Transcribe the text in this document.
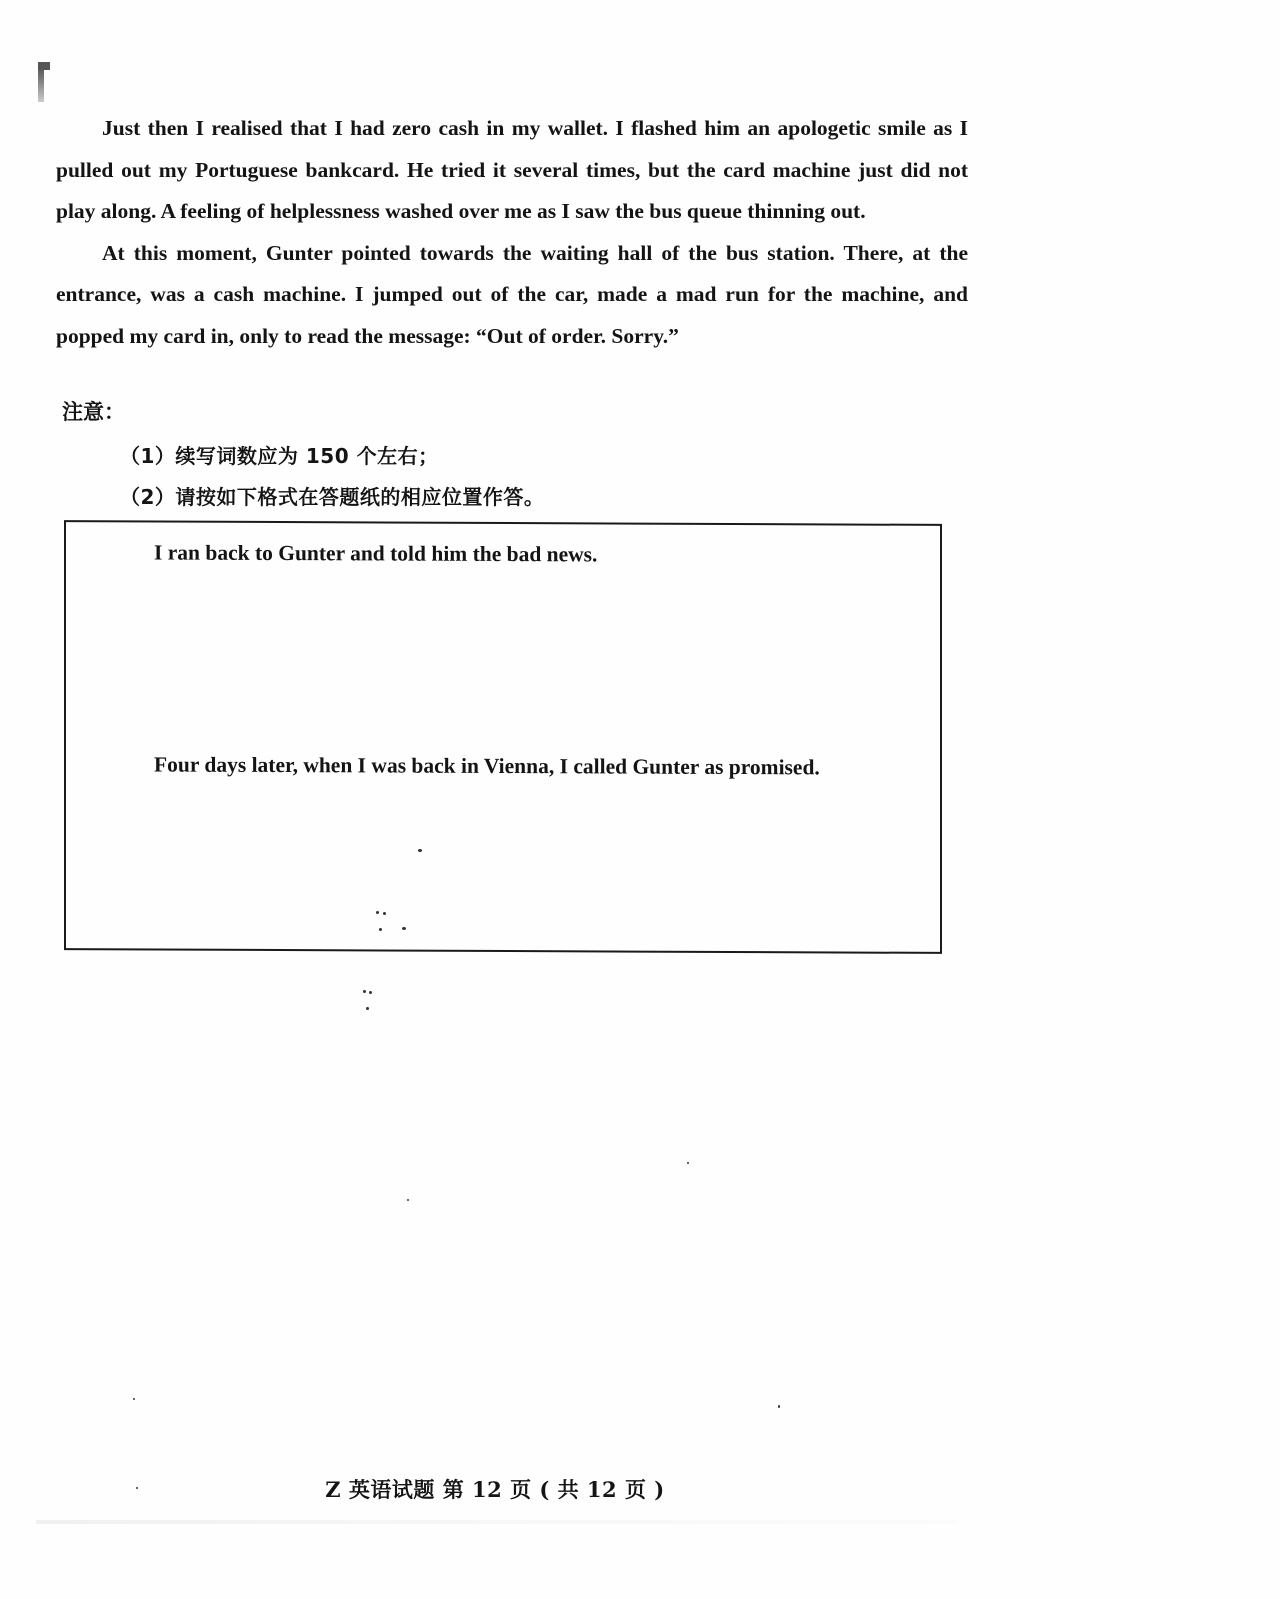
Just then I realised that I had zero cash in my wallet. I flashed him an apologetic smile as I pulled out my Portuguese bankcard. He tried it several times, but the card machine just did not play along. A feeling of helplessness washed over me as I saw the bus queue thinning out.

At this moment, Gunter pointed towards the waiting hall of the bus station. There, at the entrance, was a cash machine. I jumped out of the car, made a mad run for the machine, and popped my card in, only to read the message: “Out of order. Sorry.”

注意：
（1）续写词数应为 150 个左右；
（2）请按如下格式在答题纸的相应位置作答。
I ran back to Gunter and told him the bad news.
Four days later, when I was back in Vienna, I called Gunter as promised.
Z 英语试题 第 12 页 ( 共 12 页 )
